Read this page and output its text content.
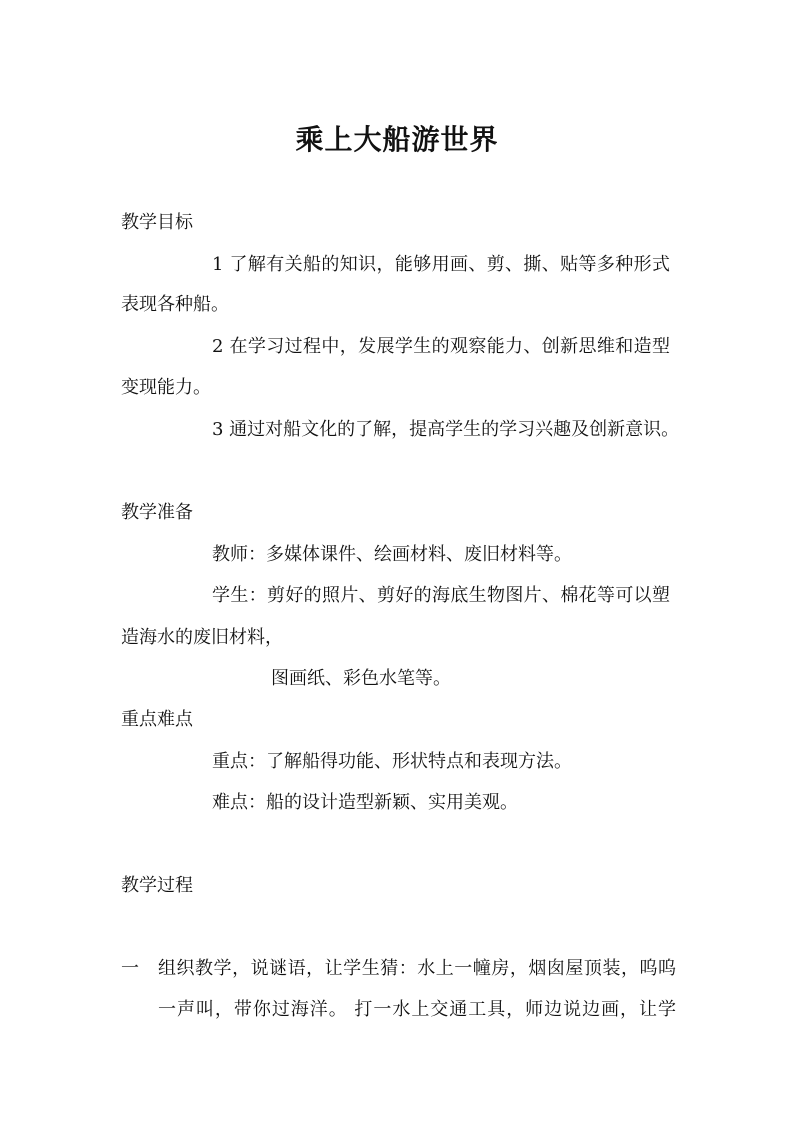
乘上大船游世界
教学目标
1 了解有关船的知识，能够用画、剪、撕、贴等多种形式
表现各种船。
2 在学习过程中，发展学生的观察能力、创新思维和造型
变现能力。
3 通过对船文化的了解，提高学生的学习兴趣及创新意识。
教学准备
教师：多媒体课件、绘画材料、废旧材料等。
学生：剪好的照片、剪好的海底生物图片、棉花等可以塑
造海水的废旧材料，
图画纸、彩色水笔等。
重点难点
重点：了解船得功能、形状特点和表现方法。
难点：船的设计造型新颖、实用美观。
教学过程
一 组织教学，说谜语，让学生猜：水上一幢房，烟囱屋顶装，呜呜
一声叫，带你过海洋。 打一水上交通工具，师边说边画，让学
